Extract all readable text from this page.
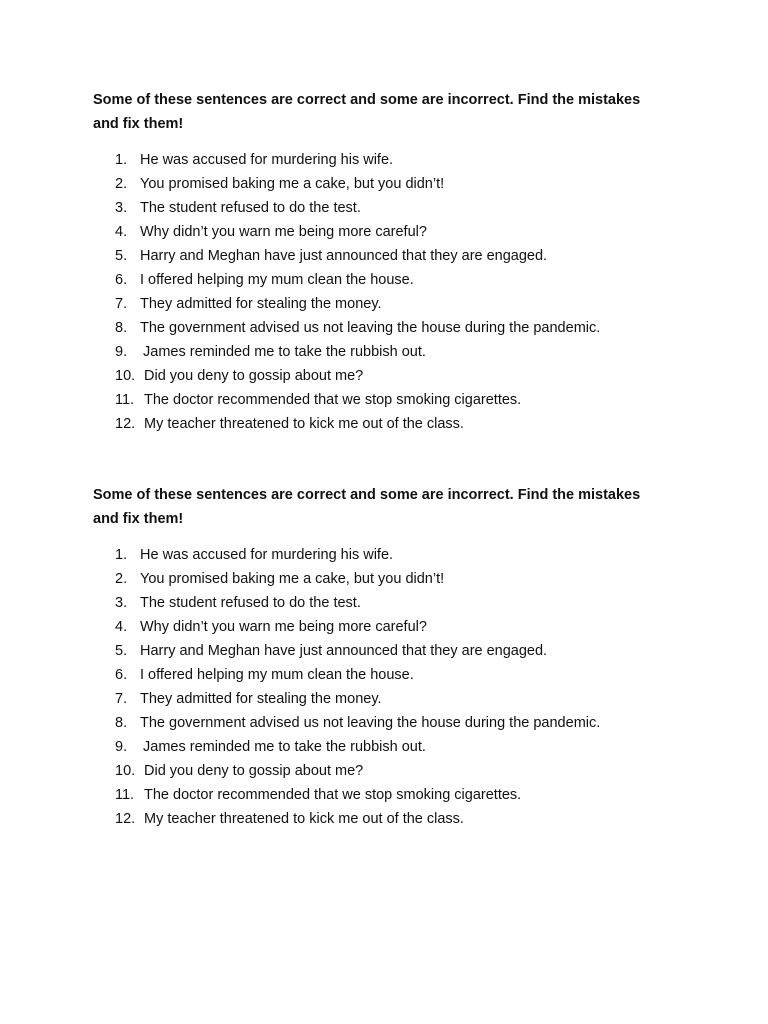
Some of these sentences are correct and some are incorrect. Find the mistakes and fix them!

1. He was accused for murdering his wife.
2. You promised baking me a cake, but you didn’t!
3. The student refused to do the test.
4. Why didn’t you warn me being more careful?
5. Harry and Meghan have just announced that they are engaged.
6. I offered helping my mum clean the house.
7. They admitted for stealing the money.
8. The government advised us not leaving the house during the pandemic.
9.	James reminded me to take the rubbish out.
10. Did you deny to gossip about me?
11. The doctor recommended that we stop smoking cigarettes.
12. My teacher threatened to kick me out of the class.

Some of these sentences are correct and some are incorrect. Find the mistakes and fix them!

1. He was accused for murdering his wife.
2. You promised baking me a cake, but you didn’t!
3. The student refused to do the test.
4. Why didn’t you warn me being more careful?
5. Harry and Meghan have just announced that they are engaged.
6. I offered helping my mum clean the house.
7. They admitted for stealing the money.
8. The government advised us not leaving the house during the pandemic.
9.	James reminded me to take the rubbish out.
10. Did you deny to gossip about me?
11. The doctor recommended that we stop smoking cigarettes.
12. My teacher threatened to kick me out of the class.
